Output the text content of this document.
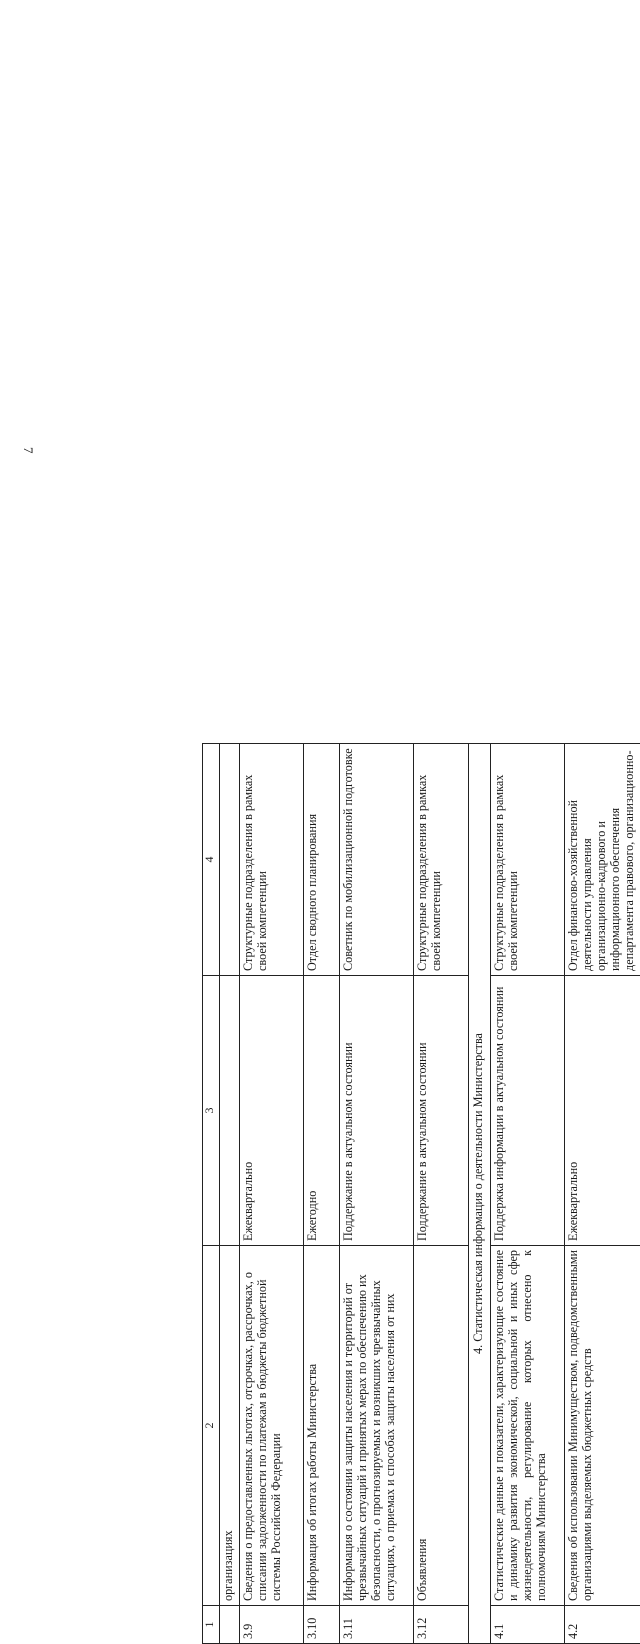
7
1	2	3	4
	организациях		
3.9	Сведения о предоставленных льготах, отсрочках, рассрочках, о списании задолженности по платежам в бюджеты бюджетной системы Российской Федерации	Ежеквартально	Структурные подразделения в рамках своей компетенции
3.10	Информация об итогах работы Министерства	Ежегодно	Отдел сводного планирования
3.11	Информация о состоянии защиты населения и территорий от чрезвычайных ситуаций и принятых мерах по обеспечению их безопасности, о прогнозируемых и возникших чрезвычайных ситуациях, о приемах и способах защиты населения от них	Поддержание в актуальном состоянии	Советник по мобилизационной подготовке
3.12	Объявления	Поддержание в актуальном состоянии	Структурные подразделения в рамках своей компетенции
4. Статистическая информация о деятельности Министерства			
4.1	Статистические данные и показатели, характеризующие состояние и динамику развития экономической, социальной и иных сфер жизнедеятельности, регулирование которых отнесено к полномочиям Министерства	Поддержка информации в актуальном состоянии	Структурные подразделения в рамках своей компетенции
4.2	Сведения об использовании Минимуществом, подведомственными организациями выделяемых бюджетных средств	Ежеквартально	Отдел финансово-хозяйственной деятельности управления организационно-кадрового и информационного обеспечения департамента правового, организационно-
